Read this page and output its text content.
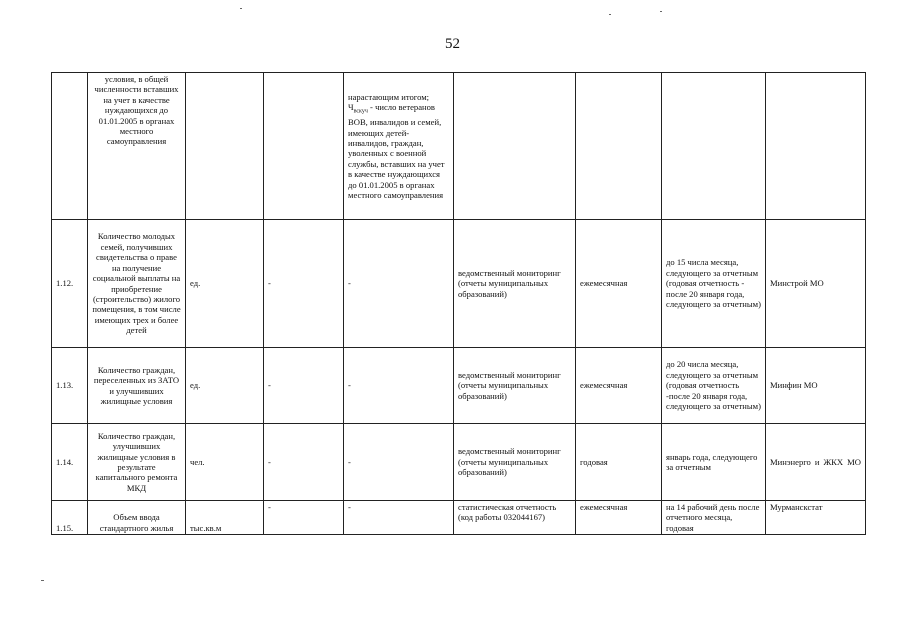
52
	условия, в общей численности вставших на учет в качестве нуждающихся до 01.01.2005 в органах местного самоуправления			нарастающим итогом; $Ч_{вскуч}$ - число ветеранов ВОВ, инвалидов и семей, имеющих детей-инвалидов, граждан, уволенных с военной службы, вставших на учет в качестве нуждающихся до 01.01.2005 в органах местного самоуправления				
1.12.	Количество молодых семей, получивших свидетельства о праве на получение социальной выплаты на приобретение (строительство) жилого помещения, в том числе имеющих трех и более детей	ед.	-	-	ведомственный мониторинг (отчеты муниципальных образований)	ежемесячная	до 15 числа месяца, следующего за отчетным (годовая отчетность - после 20 января года, следующего за отчетным)	Минстрой МО
1.13.	Количество граждан, переселенных из ЗАТО и улучшивших жилищные условия	ед.	-	-	ведомственный мониторинг (отчеты муниципальных образований)	ежемесячная	до 20 числа месяца, следующего за отчетным (годовая отчетность -после 20 января года, следующего за отчетным)	Минфин МО
1.14.	Количество граждан, улучшивших жилищные условия в результате капитального ремонта МКД	чел.	-	-	ведомственный мониторинг (отчеты муниципальных образований)	годовая	январь года, следующего за отчетным	Минэнерго и ЖКХ МО
1.15.	Объем ввода стандартного жилья	тыс.кв.м	-	-	статистическая отчетность (код работы 032044167)	ежемесячная	на 14 рабочий день после отчетного месяца, годовая	Мурманскстат
